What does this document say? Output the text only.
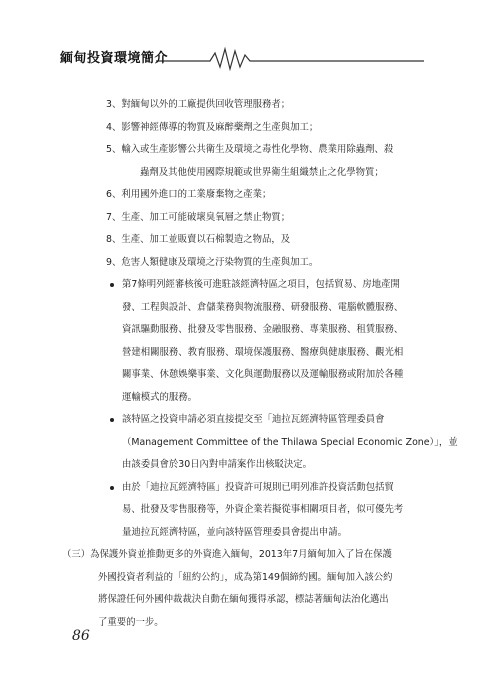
緬甸投資環境簡介
3、對緬甸以外的工廠提供回收管理服務者；
4、影響神經傳導的物質及麻醉藥劑之生產與加工；
5、輸入或生產影響公共衛生及環境之毒性化學物、農業用除蟲劑、殺
蟲劑及其他使用國際規範或世界衛生組織禁止之化學物質；
6、利用國外進口的工業廢棄物之產業；
7、生產、加工可能破壞臭氧層之禁止物質；
8、生產、加工並販賣以石棉製造之物品，及
9、危害人類健康及環境之汙染物質的生產與加工。
第7條明列經審核後可進駐該經濟特區之項目，包括貿易、房地產開
發、工程與設計、倉儲業務與物流服務、研發服務、電腦軟體服務、
資訊驅動服務、批發及零售服務、金融服務、專業服務、租賃服務、
營建相關服務、教育服務、環境保護服務、醫療與健康服務、觀光相
關事業、休憩娛樂事業、文化與運動服務以及運輸服務或附加於各種
運輸模式的服務。
該特區之投資申請必須直接提交至「迪拉瓦經濟特區管理委員會
（Management Committee of the Thilawa Special Economic Zone）」，並
由該委員會於30日內對申請案作出核駁決定。
由於「迪拉瓦經濟特區」投資許可規則已明列准許投資活動包括貿
易、批發及零售服務等，外資企業若擬從事相關項目者，似可優先考
量迪拉瓦經濟特區，並向該特區管理委員會提出申請。
（三）為保護外資並推動更多的外資進入緬甸，2013年7月緬甸加入了旨在保護
外國投資者利益的「紐約公約」，成為第149個締約國。緬甸加入該公約
將保證任何外國仲裁裁決自動在緬甸獲得承認，標誌著緬甸法治化邁出
了重要的一步。
86
